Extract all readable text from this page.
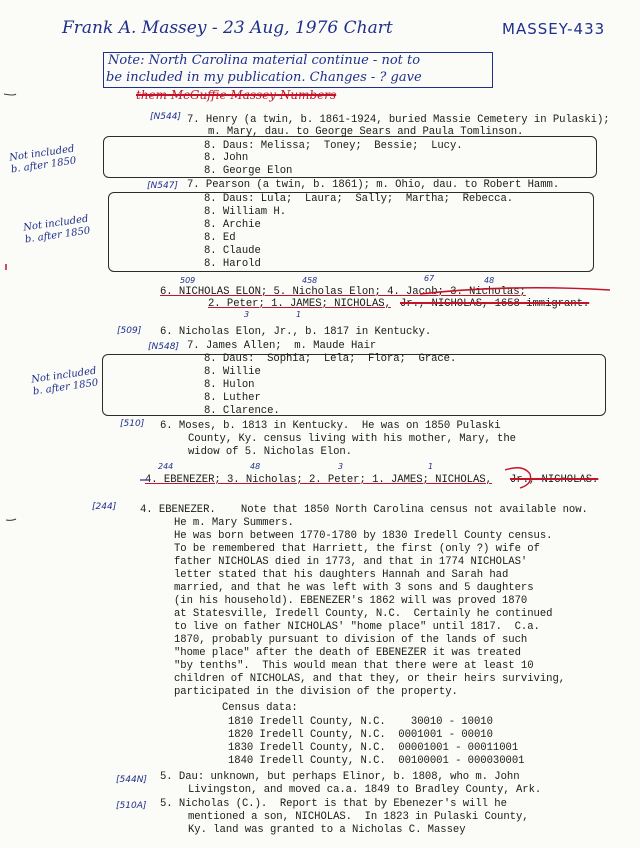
Frank A. Massey - 23 Aug, 1976 Chart	MASSEY-433
Note: North Carolina material continue - not to
be included in my publication. Changes - ? gave
them McGuffie Massey Numbers
Not included
b. after 1850
Not included
b. after 1850
Not included
b. after 1850
[N544]
[N547]
[509]
[N548]
[510]
[244]
[544N]
[510A]
509	458	67	48
3	1
244	48	3	1
7. Henry (a twin, b. 1861-1924, buried Massie Cemetery in Pulaski);
m. Mary, dau. to George Sears and Paula Tomlinson.
8. Daus: Melissa;  Toney;  Bessie;  Lucy.
8. John
8. George Elon
7. Pearson (a twin, b. 1861); m. Ohio, dau. to Robert Hamm.
8. Daus: Lula;  Laura;  Sally;  Martha;  Rebecca.
8. William H.
8. Archie
8. Ed
8. Claude
8. Harold
6. NICHOLAS ELON; 5. Nicholas Elon; 4. Jacob; 3. Nicholas;
2. Peter; 1. JAMES; NICHOLAS, Jr., NICHOLAS, 1658 immigrant.
6. Nicholas Elon, Jr., b. 1817 in Kentucky.
7. James Allen;  m. Maude Hair
8. Daus:  Sophia;  Lela;  Flora;  Grace.
8. Willie
8. Hulon
8. Luther
8. Clarence.
6. Moses, b. 1813 in Kentucky.  He was on 1850 Pulaski
County, Ky. census living with his mother, Mary, the
widow of 5. Nicholas Elon.
4. EBENEZER; 3. Nicholas; 2. Peter; 1. JAMES; NICHOLAS, Jr., NICHOLAS.
4. EBENEZER.    Note that 1850 North Carolina census not available now.
He m. Mary Summers.
He was born between 1770-1780 by 1830 Iredell County census.
To be remembered that Harriett, the first (only ?) wife of
father NICHOLAS died in 1773, and that in 1774 NICHOLAS'
letter stated that his daughters Hannah and Sarah had
married, and that he was left with 3 sons and 5 daughters
(in his household). EBENEZER's 1862 will was proved 1870
at Statesville, Iredell County, N.C.  Certainly he continued
to live on father NICHOLAS' "home place" until 1817.  C.a.
1870, probably pursuant to division of the lands of such
"home place" after the death of EBENEZER it was treated
"by tenths".  This would mean that there were at least 10
children of NICHOLAS, and that they, or their heirs surviving,
participated in the division of the property.
Census data:
1810 Iredell County, N.C.    30010 - 10010
1820 Iredell County, N.C.  0001001 - 00010
1830 Iredell County, N.C.  00001001 - 00011001
1840 Iredell County, N.C.  00100001 - 000030001
5. Dau: unknown, but perhaps Elinor, b. 1808, who m. John
Livingston, and moved ca.a. 1849 to Bradley County, Ark.
5. Nicholas (C.).  Report is that by Ebenezer's will he
mentioned a son, NICHOLAS.  In 1823 in Pulaski County,
Ky. land was granted to a Nicholas C. Massey
